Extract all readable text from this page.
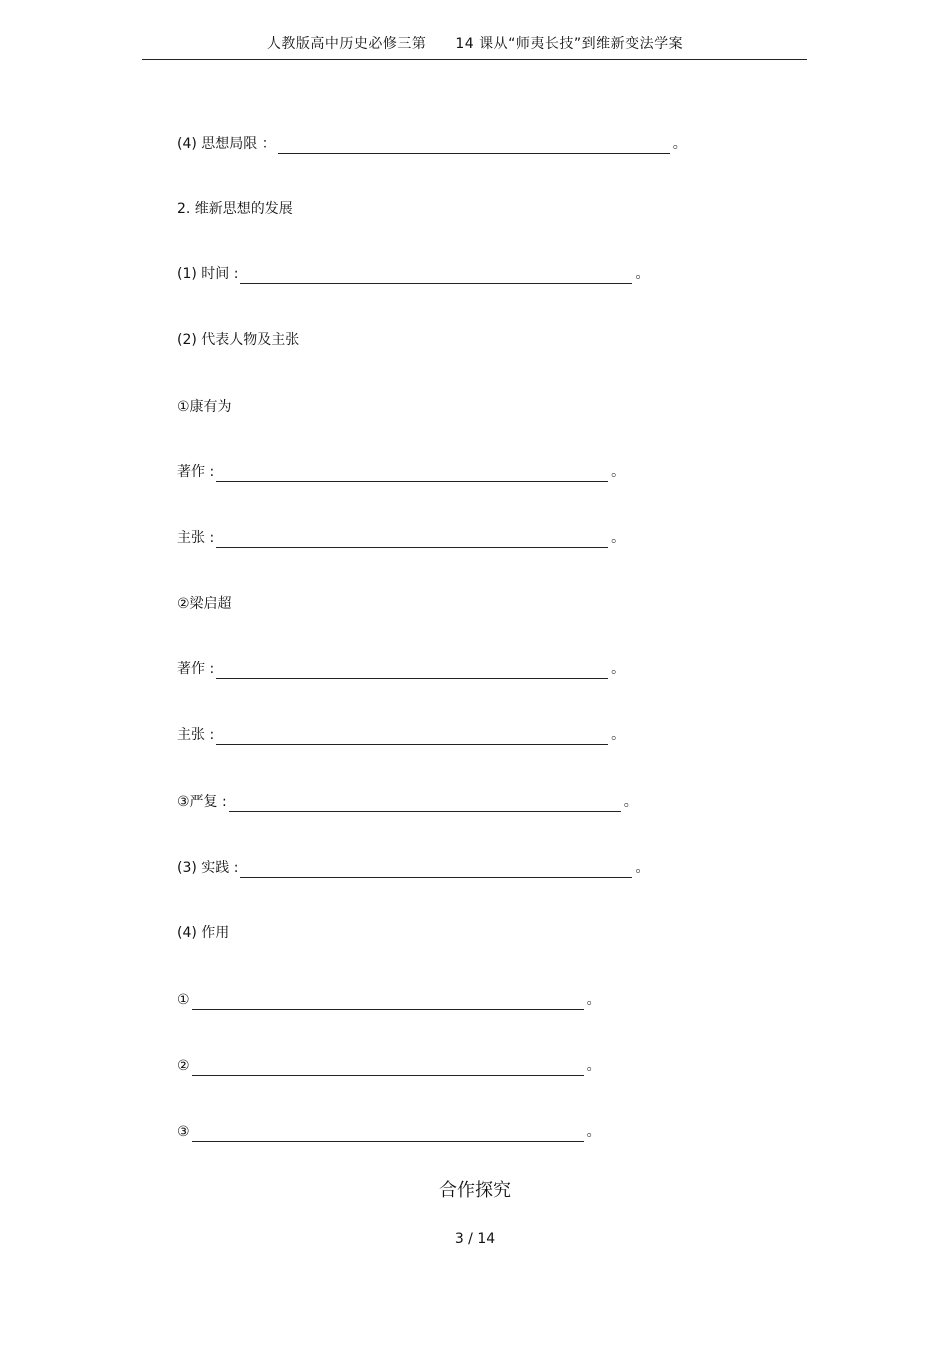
人教版高中历史必修三第　　14 课从“师夷长技”到维新变法学案
(4) 思想局限 ：	。
2. 维新思想的发展
(1) 时间 :	。
(2) 代表人物及主张
①康有为
著作 :	。
主张 :	。
②梁启超
著作 :	。
主张 :	。
③严复 :	。
(3) 实践 :	。
(4) 作用
①	。
②	。
③	。
合作探究
3 / 14
